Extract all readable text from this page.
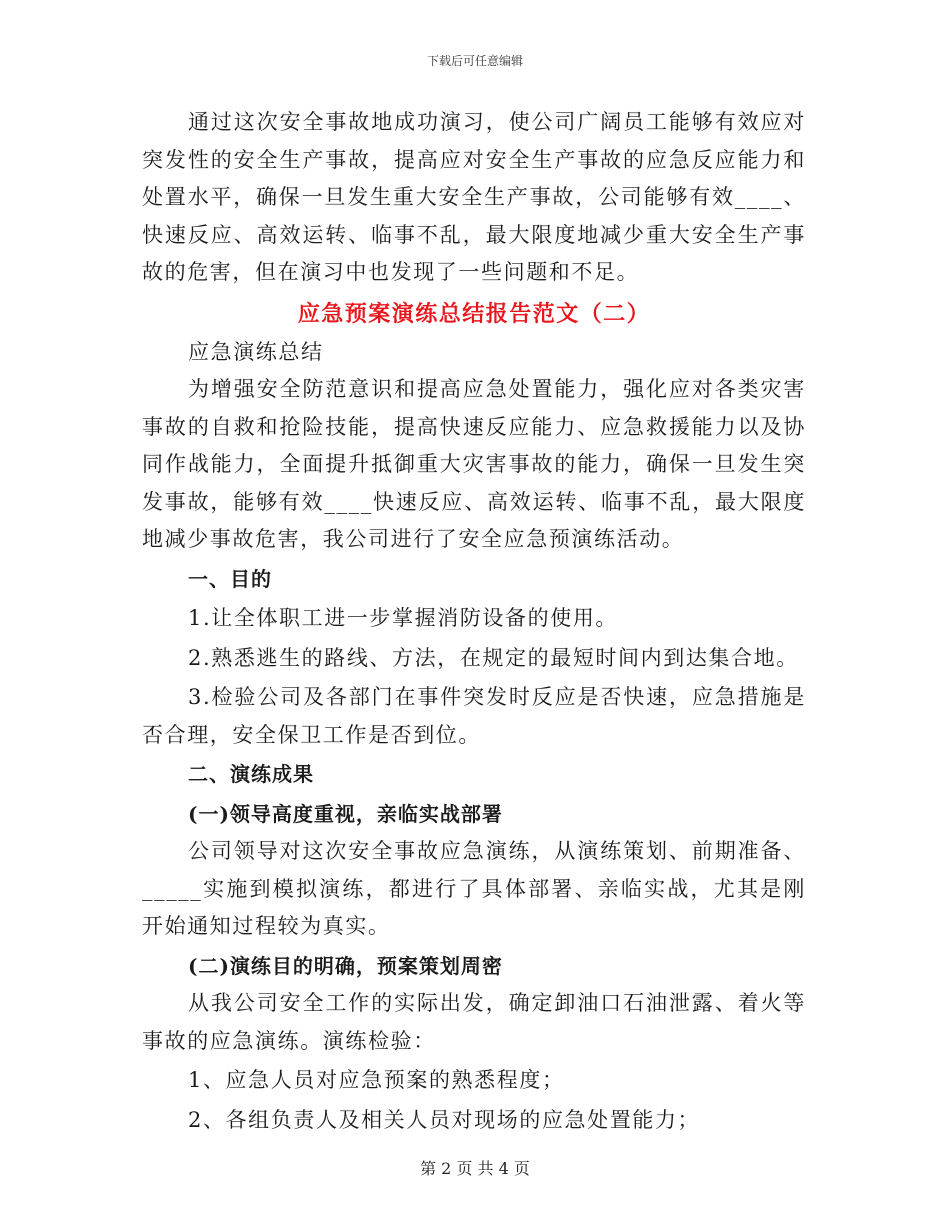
下载后可任意编辑

通过这次安全事故地成功演习，使公司广阔员工能够有效应对突发性的安全生产事故，提高应对安全生产事故的应急反应能力和处置水平，确保一旦发生重大安全生产事故，公司能够有效____、快速反应、高效运转、临事不乱，最大限度地减少重大安全生产事故的危害，但在演习中也发现了一些问题和不足。

应急预案演练总结报告范文（二）

应急演练总结

为增强安全防范意识和提高应急处置能力，强化应对各类灾害事故的自救和抢险技能，提高快速反应能力、应急救援能力以及协同作战能力，全面提升抵御重大灾害事故的能力，确保一旦发生突发事故，能够有效____快速反应、高效运转、临事不乱，最大限度地减少事故危害，我公司进行了安全应急预演练活动。

一、目的

1.让全体职工进一步掌握消防设备的使用。

2.熟悉逃生的路线、方法，在规定的最短时间内到达集合地。

3.检验公司及各部门在事件突发时反应是否快速，应急措施是否合理，安全保卫工作是否到位。

二、演练成果
(一)领导高度重视，亲临实战部署

公司领导对这次安全事故应急演练，从演练策划、前期准备、_____实施到模拟演练，都进行了具体部署、亲临实战，尤其是刚开始通知过程较为真实。

(二)演练目的明确，预案策划周密

从我公司安全工作的实际出发，确定卸油口石油泄露、着火等事故的应急演练。演练检验：

1、应急人员对应急预案的熟悉程度；

2、各组负责人及相关人员对现场的应急处置能力；

第 2 页 共 4 页
